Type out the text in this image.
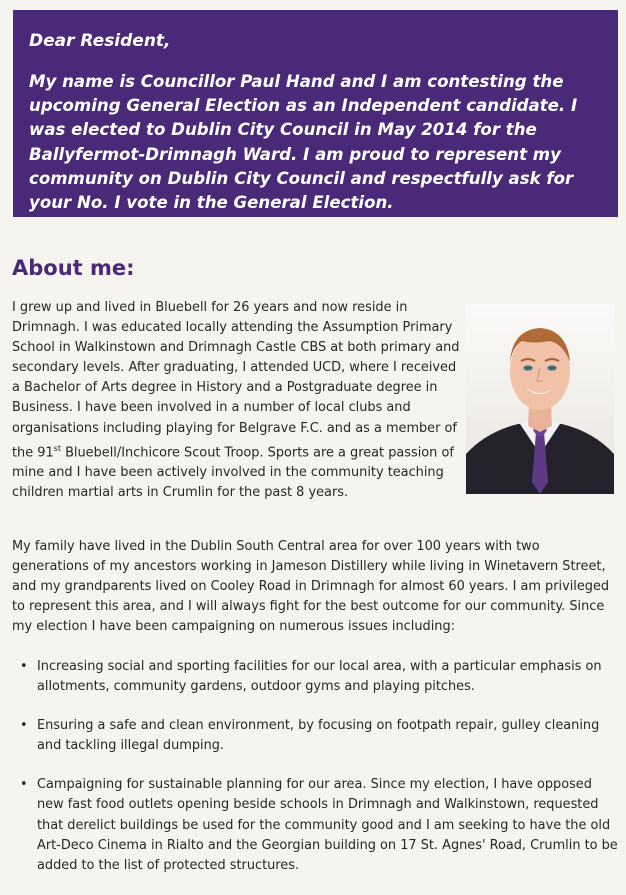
Dear Resident,

My name is Councillor Paul Hand and I am contesting the upcoming General Election as an Independent candidate. I was elected to Dublin City Council in May 2014 for the Ballyfermot-Drimnagh Ward. I am proud to represent my community on Dublin City Council and respectfully ask for your No. I vote in the General Election.

About me:

I grew up and lived in Bluebell for 26 years and now reside in Drimnagh. I was educated locally attending the Assumption Primary School in Walkinstown and Drimnagh Castle CBS at both primary and secondary levels. After graduating, I attended UCD, where I received a Bachelor of Arts degree in History and a Postgraduate degree in Business. I have been involved in a number of local clubs and organisations including playing for Belgrave F.C. and as a member of the 91st Bluebell/Inchicore Scout Troop. Sports are a great passion of mine and I have been actively involved in the community teaching children martial arts in Crumlin for the past 8 years.

My family have lived in the Dublin South Central area for over 100 years with two generations of my ancestors working in Jameson Distillery while living in Winetavern Street, and my grandparents lived on Cooley Road in Drimnagh for almost 60 years. I am privileged to represent this area, and I will always fight for the best outcome for our community. Since my election I have been campaigning on numerous issues including:

• Increasing social and sporting facilities for our local area, with a particular emphasis on allotments, community gardens, outdoor gyms and playing pitches.
• Ensuring a safe and clean environment, by focusing on footpath repair, gulley cleaning and tackling illegal dumping.
• Campaigning for sustainable planning for our area. Since my election, I have opposed new fast food outlets opening beside schools in Drimnagh and Walkinstown, requested that derelict buildings be used for the community good and I am seeking to have the old Art-Deco Cinema in Rialto and the Georgian building on 17 St. Agnes' Road, Crumlin to be added to the list of protected structures.
